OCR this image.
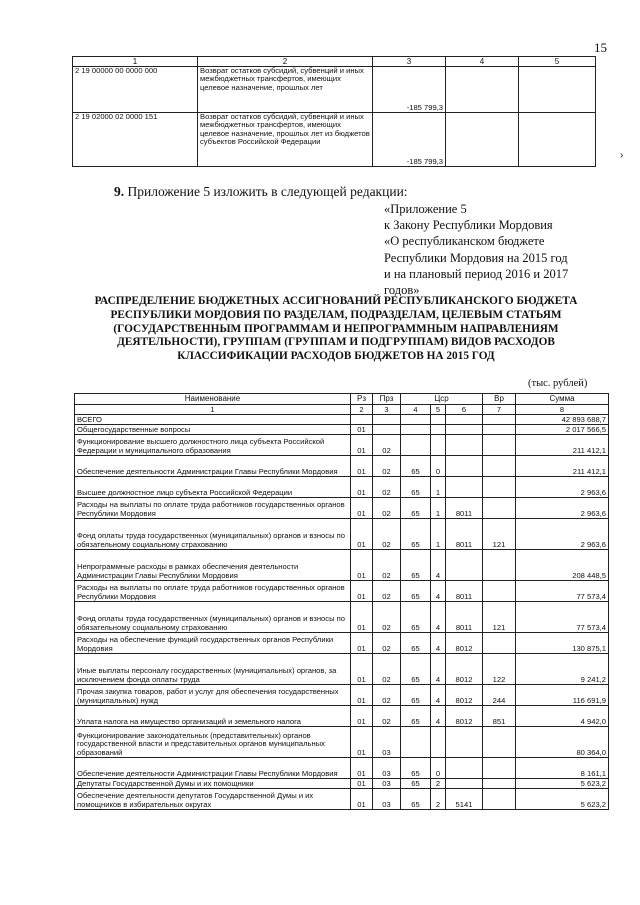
15
1	2	3	4	5
2 19 00000 00 0000 000	Возврат остатков субсидий, субвенций и иных межбюджетных трансфертов, имеющих целевое назначение, прошлых лет	-185 799,3		
2 19 02000 02 0000 151	Возврат остатков субсидий, субвенций и иных межбюджетных трансфертов, имеющих целевое назначение, прошлых лет из бюджетов субъектов Российской Федерации	-185 799,3		
›
9. Приложение 5 изложить в следующей редакции:
«Приложение 5
к Закону Республики Мордовия
«О республиканском бюджете
Республики Мордовия на 2015 год
и на плановый период 2016 и 2017
годов»
РАСПРЕДЕЛЕНИЕ БЮДЖЕТНЫХ АССИГНОВАНИЙ РЕСПУБЛИКАНСКОГО БЮДЖЕТА РЕСПУБЛИКИ МОРДОВИЯ ПО РАЗДЕЛАМ, ПОДРАЗДЕЛАМ, ЦЕЛЕВЫМ СТАТЬЯМ (ГОСУДАРСТВЕННЫМ ПРОГРАММАМ И НЕПРОГРАММНЫМ НАПРАВЛЕНИЯМ ДЕЯТЕЛЬНОСТИ), ГРУППАМ (ГРУППАМ И ПОДГРУППАМ) ВИДОВ РАСХОДОВ КЛАССИФИКАЦИИ РАСХОДОВ БЮДЖЕТОВ НА 2015 ГОД
(тыс. рублей)
Наименование	Рз	Прз	Цср			Вр	Сумма
1	2	3	4	5	6	7	8
ВСЕГО							42 893 688,7
Общегосударственные вопросы	01						2 017 566,5
Функционирование высшего должностного лица субъекта Российской Федерации и муниципального образования	01	02					211 412,1
Обеспечение деятельности Администрации Главы Республики Мордовия	01	02	65	0			211 412,1
Высшее должностное лицо субъекта Российской Федерации	01	02	65	1			2 963,6
Расходы на выплаты по оплате труда работников государственных органов Республики Мордовия	01	02	65	1	8011		2 963,6
Фонд оплаты труда государственных (муниципальных) органов и взносы по обязательному социальному страхованию	01	02	65	1	8011	121	2 963,6
Непрограммные расходы в рамках обеспечения деятельности Администрации Главы Республики Мордовия	01	02	65	4			208 448,5
Расходы на выплаты по оплате труда работников государственных органов Республики Мордовия	01	02	65	4	8011		77 573,4
Фонд оплаты труда государственных (муниципальных) органов и взносы по обязательному социальному страхованию	01	02	65	4	8011	121	77 573,4
Расходы на обеспечение функций государственных органов Республики Мордовия	01	02	65	4	8012		130 875,1
Иные выплаты персоналу государственных (муниципальных) органов, за исключением фонда оплаты труда	01	02	65	4	8012	122	9 241,2
Прочая закупка товаров, работ и услуг для обеспечения государственных (муниципальных) нужд	01	02	65	4	8012	244	116 691,9
Уплата налога на имущество организаций и земельного налога	01	02	65	4	8012	851	4 942,0
Функционирование законодательных (представительных) органов государственной власти и представительных органов муниципальных образований	01	03					80 364,0
Обеспечение деятельности Администрации Главы Республики Мордовия	01	03	65	0			8 161,1
Депутаты Государственной Думы и их помощники	01	03	65	2			5 623,2
Обеспечение деятельности депутатов Государственной Думы и их помощников в избирательных округах	01	03	65	2	5141		5 623,2
